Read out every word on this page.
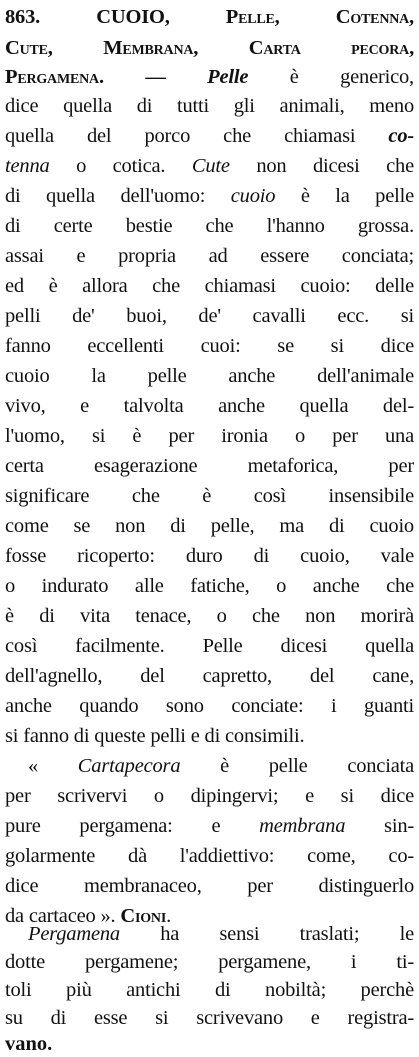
863.	CUOIO, Pelle, Cotenna,
Cute, Membrana, Carta pecora,
Pergamena. — Pelle è generico,
dice quella di tutti gli animali, meno
quella del porco che chiamasi co-
tenna o cotica. Cute non dicesi che
di quella dell'uomo: cuoio è la pelle
di certe bestie che l'hanno grossa.
assai e propria ad essere conciata;
ed è allora che chiamasi cuoio: delle
pelli de' buoi, de' cavalli ecc. si
fanno eccellenti cuoi: se si dice
cuoio la pelle anche dell'animale
vivo, e talvolta anche quella del-
l'uomo, si è per ironia o per una
certa esagerazione metaforica, per
significare che è così insensibile
come se non di pelle, ma di cuoio
fosse ricoperto: duro di cuoio, vale
o indurato alle fatiche, o anche che
è di vita tenace, o che non morirà
così facilmente. Pelle dicesi quella
dell'agnello, del capretto, del cane,
anche quando sono conciate: i guanti
si fanno di queste pelli e di consimili.
« Cartapecora è pelle conciata
per scrivervi o dipingervi; e si dice
pure pergamena: e membrana sin-
golarmente dà l'addiettivo: come, co-
dice membranaceo, per distinguerlo
da cartaceo ». Cioni.
Pergamena ha sensi traslati; le
dotte pergamene; pergamene, i ti-
toli più antichi di nobiltà; perchè
su di esse si scrivevano e registra-
vano.
